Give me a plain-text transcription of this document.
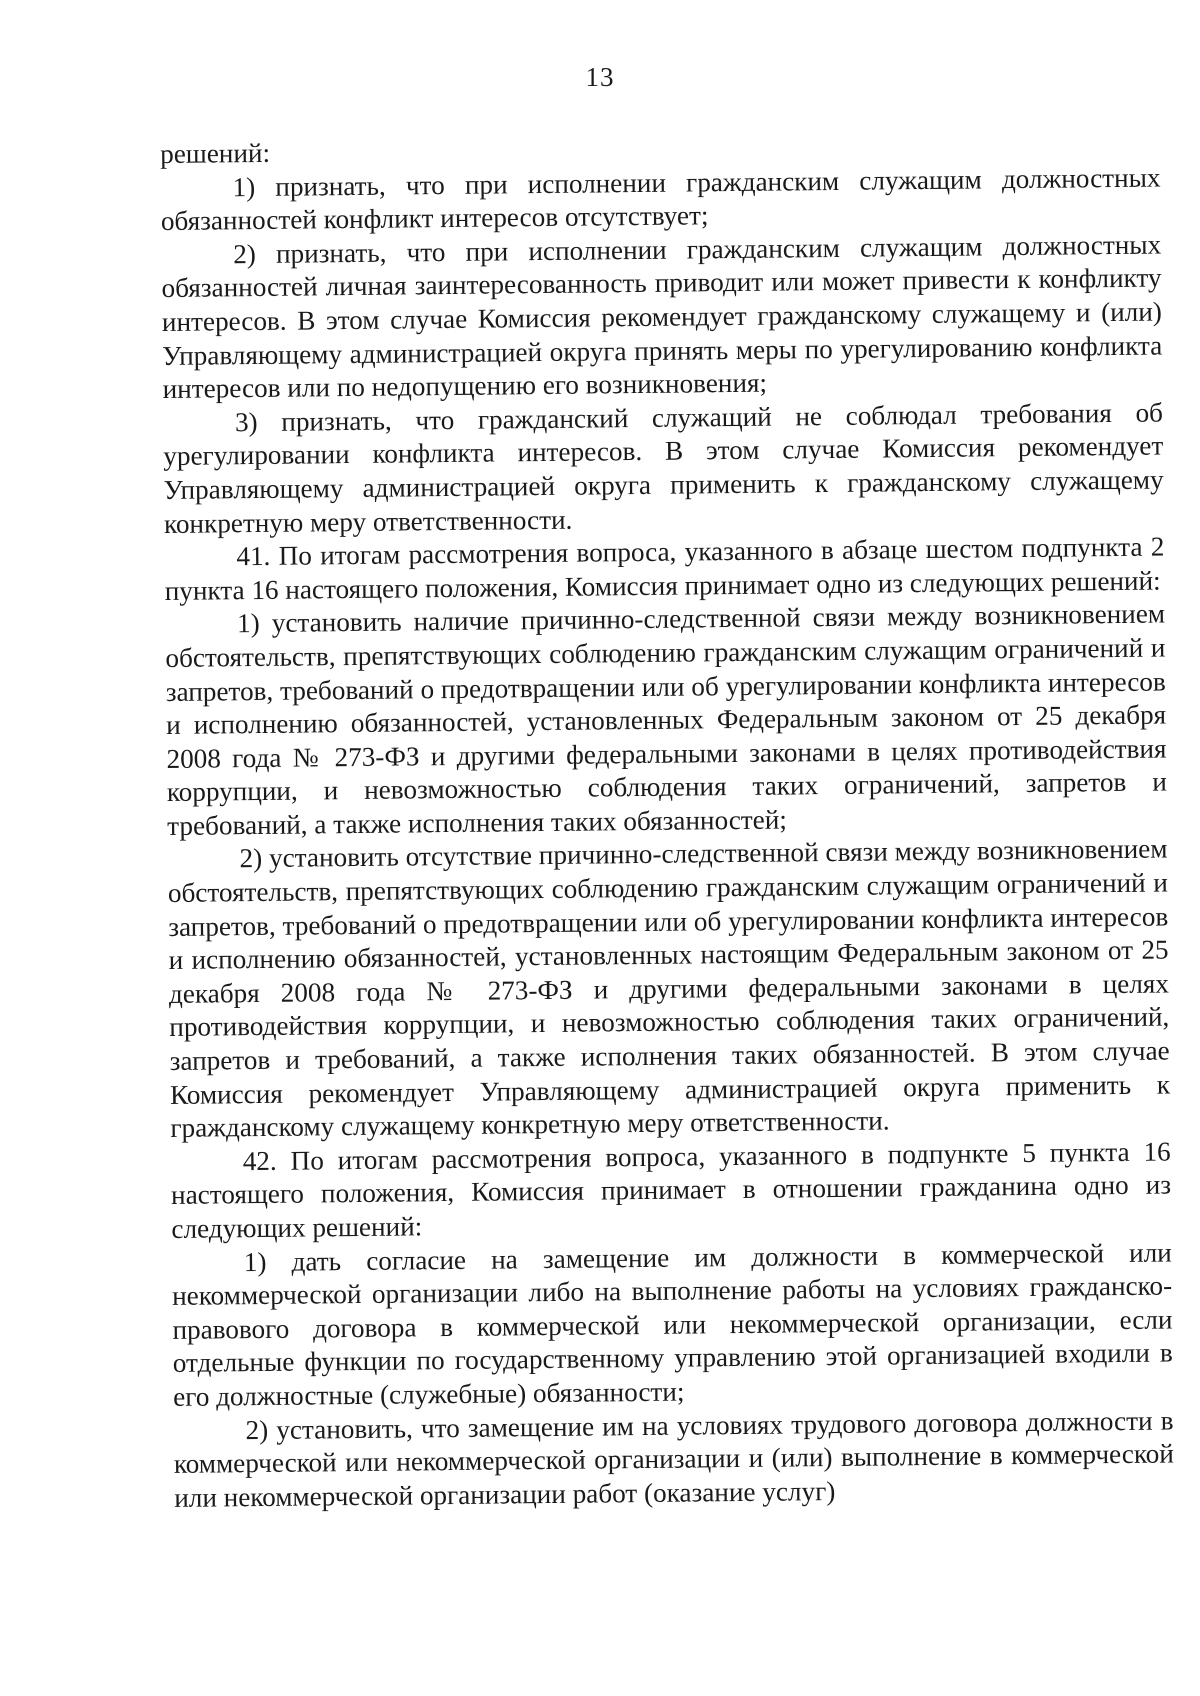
13

решений:

1) признать, что при исполнении гражданским служащим должностных обязанностей конфликт интересов отсутствует;

2) признать, что при исполнении гражданским служащим должностных обязанностей личная заинтересованность приводит или может привести к конфликту интересов. В этом случае Комиссия рекомендует гражданскому служащему и (или) Управляющему администрацией округа принять меры по урегулированию конфликта интересов или по недопущению его возникновения;

3) признать, что гражданский служащий не соблюдал требования об урегулировании конфликта интересов. В этом случае Комиссия рекомендует Управляющему администрацией округа применить к гражданскому служащему конкретную меру ответственности.

41. По итогам рассмотрения вопроса, указанного в абзаце шестом подпункта 2 пункта 16 настоящего положения, Комиссия принимает одно из следующих решений:

1) установить наличие причинно-следственной связи между возникновением обстоятельств, препятствующих соблюдению гражданским служащим ограничений и запретов, требований о предотвращении или об урегулировании конфликта интересов и исполнению обязанностей, установленных Федеральным законом от 25 декабря 2008 года № 273-ФЗ и другими федеральными законами в целях противодействия коррупции, и невозможностью соблюдения таких ограничений, запретов и требований, а также исполнения таких обязанностей;

2) установить отсутствие причинно-следственной связи между возникновением обстоятельств, препятствующих соблюдению гражданским служащим ограничений и запретов, требований о предотвращении или об урегулировании конфликта интересов и исполнению обязанностей, установленных настоящим Федеральным законом от 25 декабря 2008 года № 273-ФЗ и другими федеральными законами в целях противодействия коррупции, и невозможностью соблюдения таких ограничений, запретов и требований, а также исполнения таких обязанностей. В этом случае Комиссия рекомендует Управляющему администрацией округа применить к гражданскому служащему конкретную меру ответственности.

42. По итогам рассмотрения вопроса, указанного в подпункте 5 пункта 16 настоящего положения, Комиссия принимает в отношении гражданина одно из следующих решений:

1) дать согласие на замещение им должности в коммерческой или некоммерческой организации либо на выполнение работы на условиях гражданско-правового договора в коммерческой или некоммерческой организации, если отдельные функции по государственному управлению этой организацией входили в его должностные (служебные) обязанности;

2) установить, что замещение им на условиях трудового договора должности в коммерческой или некоммерческой организации и (или) выполнение в коммерческой или некоммерческой организации работ (оказание услуг)
